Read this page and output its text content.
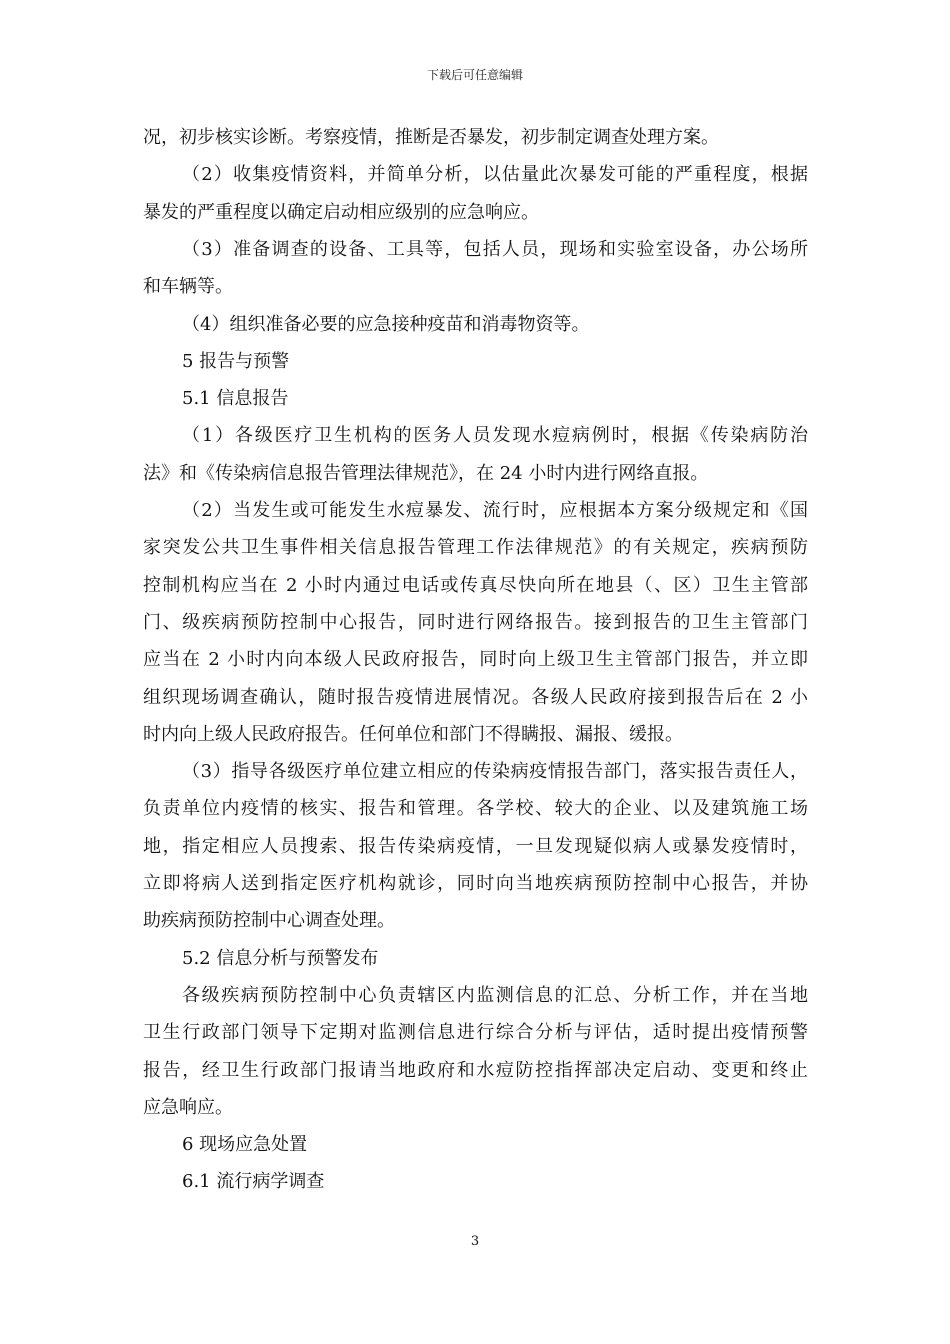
下载后可任意编辑
况，初步核实诊断。考察疫情，推断是否暴发，初步制定调查处理方案。
（2）收集疫情资料，并简单分析，以估量此次暴发可能的严重程度，根据
暴发的严重程度以确定启动相应级别的应急响应。
（3）准备调查的设备、工具等，包括人员，现场和实验室设备，办公场所
和车辆等。
（4）组织准备必要的应急接种疫苗和消毒物资等。
5 报告与预警
5.1 信息报告
（1）各级医疗卫生机构的医务人员发现水痘病例时，根据《传染病防治
法》和《传染病信息报告管理法律规范》，在 24 小时内进行网络直报。
（2）当发生或可能发生水痘暴发、流行时，应根据本方案分级规定和《国
家突发公共卫生事件相关信息报告管理工作法律规范》的有关规定，疾病预防
控制机构应当在 2 小时内通过电话或传真尽快向所在地县（、区）卫生主管部
门、级疾病预防控制中心报告，同时进行网络报告。接到报告的卫生主管部门
应当在 2 小时内向本级人民政府报告，同时向上级卫生主管部门报告，并立即
组织现场调查确认，随时报告疫情进展情况。各级人民政府接到报告后在 2 小
时内向上级人民政府报告。任何单位和部门不得瞒报、漏报、缓报。
（3）指导各级医疗单位建立相应的传染病疫情报告部门，落实报告责任人，
负责单位内疫情的核实、报告和管理。各学校、较大的企业、以及建筑施工场
地，指定相应人员搜索、报告传染病疫情，一旦发现疑似病人或暴发疫情时，
立即将病人送到指定医疗机构就诊，同时向当地疾病预防控制中心报告，并协
助疾病预防控制中心调查处理。
5.2 信息分析与预警发布
各级疾病预防控制中心负责辖区内监测信息的汇总、分析工作，并在当地
卫生行政部门领导下定期对监测信息进行综合分析与评估，适时提出疫情预警
报告，经卫生行政部门报请当地政府和水痘防控指挥部决定启动、变更和终止
应急响应。
6 现场应急处置
6.1 流行病学调查
3
